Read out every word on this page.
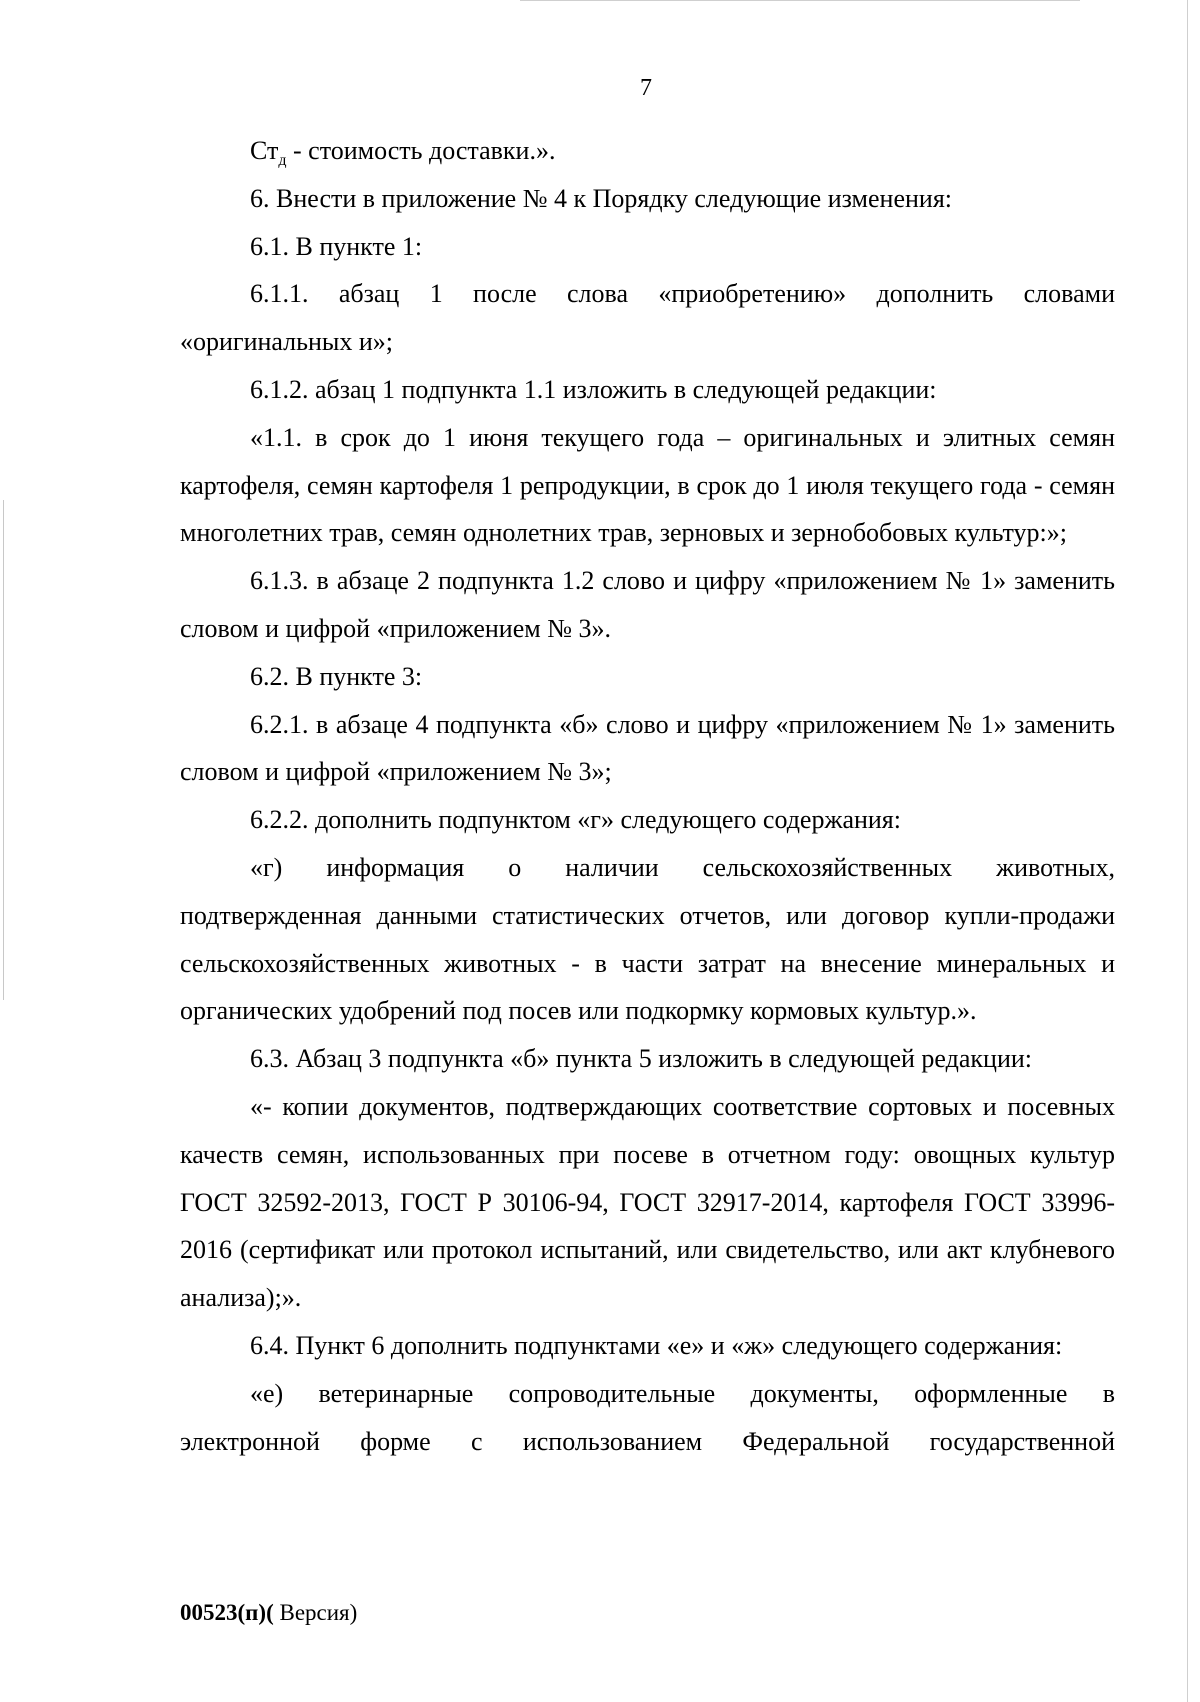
7

$Ст_д$ - стоимость доставки.».

6. Внести в приложение № 4 к Порядку следующие изменения:

6.1. В пункте 1:

6.1.1. абзац 1 после слова «приобретению» дополнить словами «оригинальных и»;

6.1.2. абзац 1 подпункта 1.1 изложить в следующей редакции:

«1.1. в срок до 1 июня текущего года – оригинальных и элитных семян картофеля, семян картофеля 1 репродукции, в срок до 1 июля текущего года - семян многолетних трав, семян однолетних трав, зерновых и зернобобовых культур:»;

6.1.3. в абзаце 2 подпункта 1.2 слово и цифру «приложением № 1» заменить словом и цифрой «приложением № 3».

6.2. В пункте 3:

6.2.1. в абзаце 4 подпункта «б» слово и цифру «приложением № 1» заменить словом и цифрой «приложением № 3»;

6.2.2. дополнить подпунктом «г» следующего содержания:

«г) информация о наличии сельскохозяйственных животных, подтвержденная данными статистических отчетов, или договор купли-продажи сельскохозяйственных животных - в части затрат на внесение минеральных и органических удобрений под посев или подкормку кормовых культур.».

6.3. Абзац 3 подпункта «б» пункта 5 изложить в следующей редакции:

«- копии документов, подтверждающих соответствие сортовых и посевных качеств семян, использованных при посеве в отчетном году: овощных культур ГОСТ 32592-2013, ГОСТ Р 30106-94, ГОСТ 32917-2014, картофеля ГОСТ 33996-2016 (сертификат или протокол испытаний, или свидетельство, или акт клубневого анализа);».

6.4. Пункт 6 дополнить подпунктами «е» и «ж» следующего содержания:

«е) ветеринарные сопроводительные документы, оформленные в электронной форме с использованием Федеральной государственной

00523(п)( Версия)
